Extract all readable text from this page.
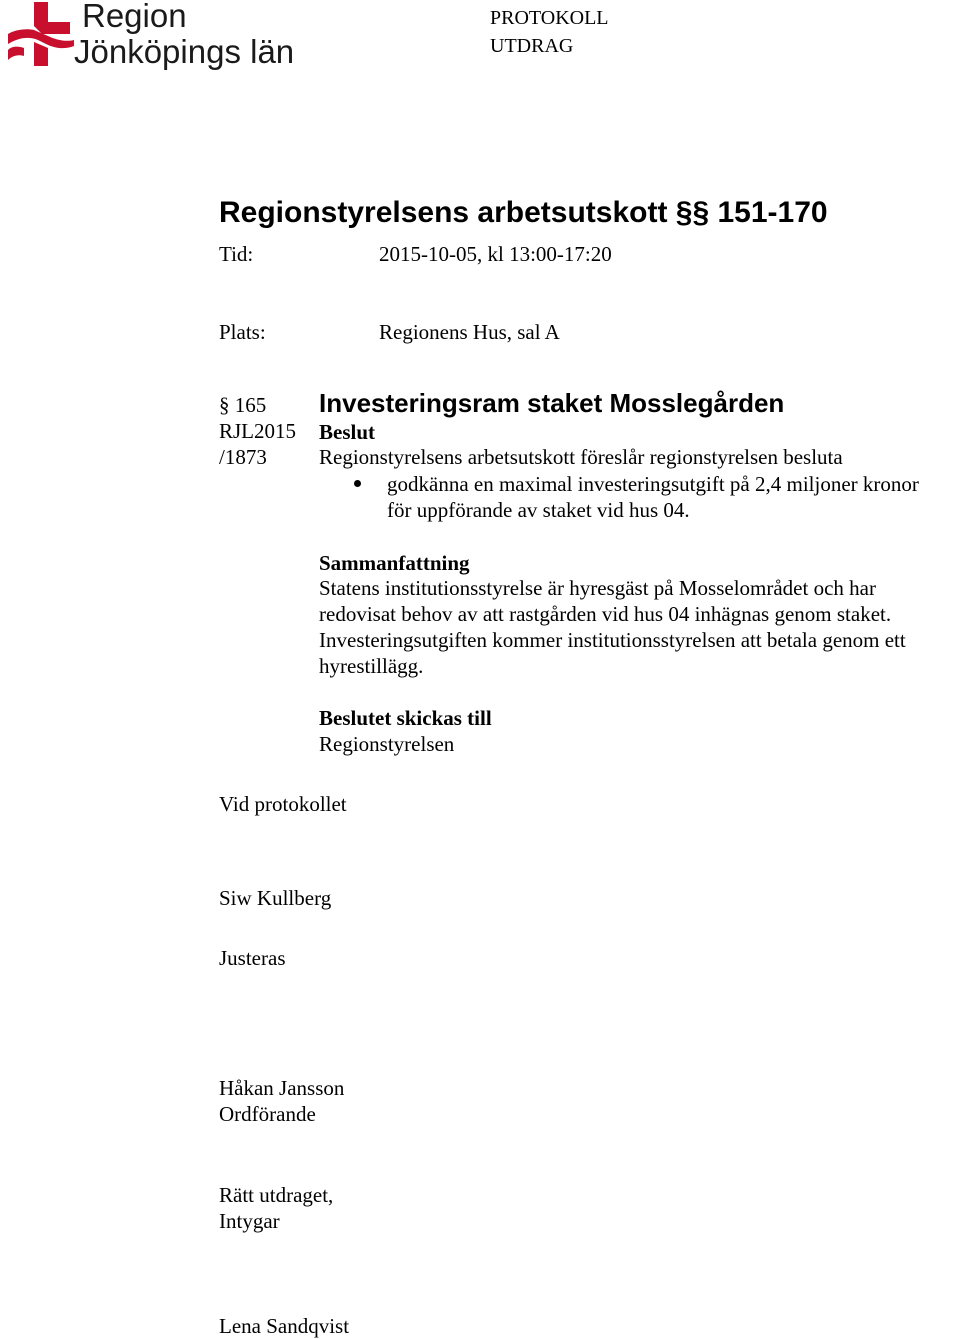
Region
Jönköpings län
PROTOKOLL
UTDRAG
Regionstyrelsens arbetsutskott §§ 151-170
Tid:	2015-10-05, kl 13:00-17:20
Plats:	Regionens Hus, sal A
§ 165
RJL2015
/1873
Investeringsram staket Mosslegården
Beslut
Regionstyrelsens arbetsutskott föreslår regionstyrelsen besluta
godkänna en maximal investeringsutgift på 2,4 miljoner kronor
för uppförande av staket vid hus 04.
Sammanfattning
Statens institutionsstyrelse är hyresgäst på Mosselområdet och har
redovisat behov av att rastgården vid hus 04 inhägnas genom staket.
Investeringsutgiften kommer institutionsstyrelsen att betala genom ett
hyrestillägg.
Beslutet skickas till
Regionstyrelsen
Vid protokollet
Siw Kullberg
Justeras
Håkan Jansson
Ordförande
Rätt utdraget,
Intygar
Lena Sandqvist
